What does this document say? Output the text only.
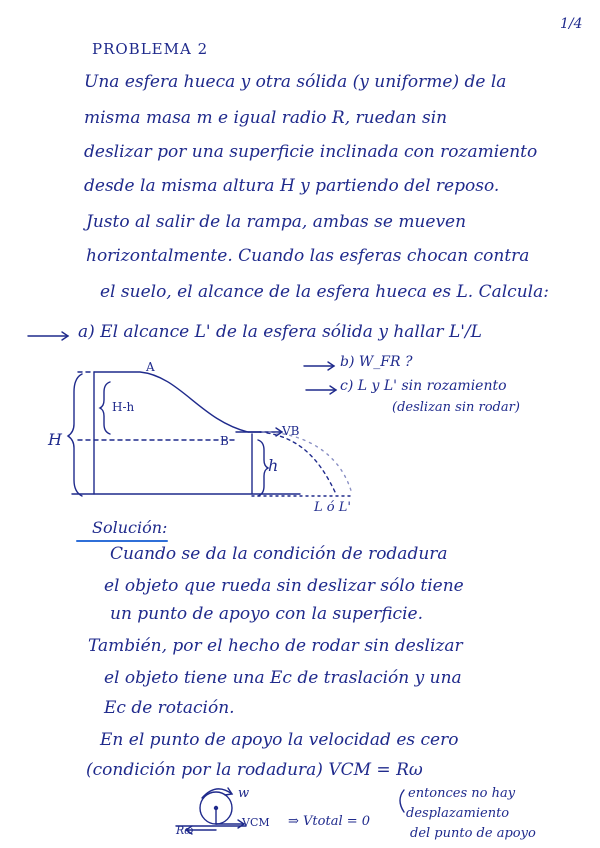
1/4
PROBLEMA 2
Una esfera hueca y otra sólida (y uniforme) de la
misma masa m e igual radio R, ruedan sin
deslizar por una superficie inclinada con rozamiento
desde la misma altura H y partiendo del reposo.
Justo al salir de la rampa, ambas se mueven
horizontalmente. Cuando las esferas chocan contra
el suelo, el alcance de la esfera hueca es L. Calcula:
a) El alcance L' de la esfera sólida y hallar L'/L
b) W_FR ?
c) L y L' sin rozamiento
(deslizan sin rodar)
A
B
H-h
H
h
VB
L ó L'
Solución:
Cuando se da la condición de rodadura
el objeto que rueda sin deslizar sólo tiene
un punto de apoyo con la superficie.
También, por el hecho de rodar sin deslizar
el objeto tiene una Ec de traslación y una
Ec de rotación.
En el punto de apoyo la velocidad es cero
(condición por la rodadura) VCM = Rω
w
VCM
Rω
⇒ Vtotal = 0
entonces no hay
desplazamiento
del punto de apoyo
